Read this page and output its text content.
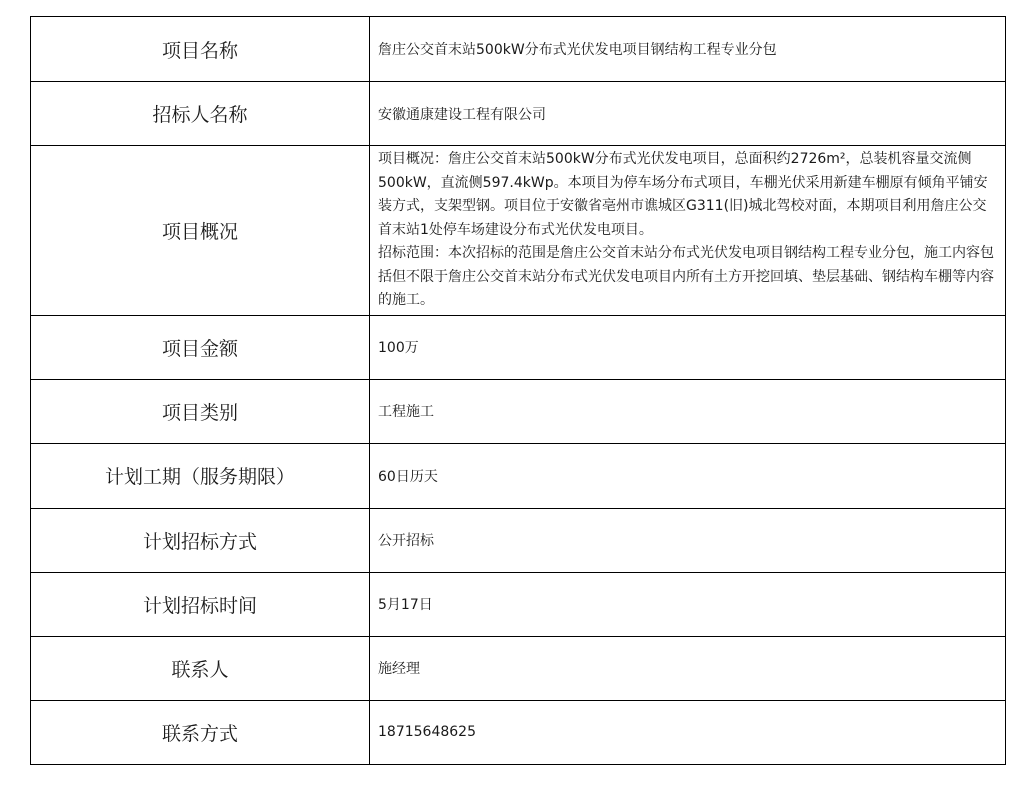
项目名称	詹庄公交首末站500kW分布式光伏发电项目钢结构工程专业分包
招标人名称	安徽通康建设工程有限公司
项目概况	项目概况：詹庄公交首末站500kW分布式光伏发电项目，总面积约2726m²，总装机容量交流侧500kW，直流侧597.4kWp。本项目为停车场分布式项目，车棚光伏采用新建车棚原有倾角平铺安装方式，支架型钢。项目位于安徽省亳州市谯城区G311(旧)城北驾校对面，本期项目利用詹庄公交首末站1处停车场建设分布式光伏发电项目。

招标范围：本次招标的范围是詹庄公交首末站分布式光伏发电项目钢结构工程专业分包，施工内容包括但不限于詹庄公交首末站分布式光伏发电项目内所有土方开挖回填、垫层基础、钢结构车棚等内容的施工。

项目金额	100万
项目类别	工程施工
计划工期（服务期限）	60日历天
计划招标方式	公开招标
计划招标时间	5月17日
联系人	施经理
联系方式	18715648625
